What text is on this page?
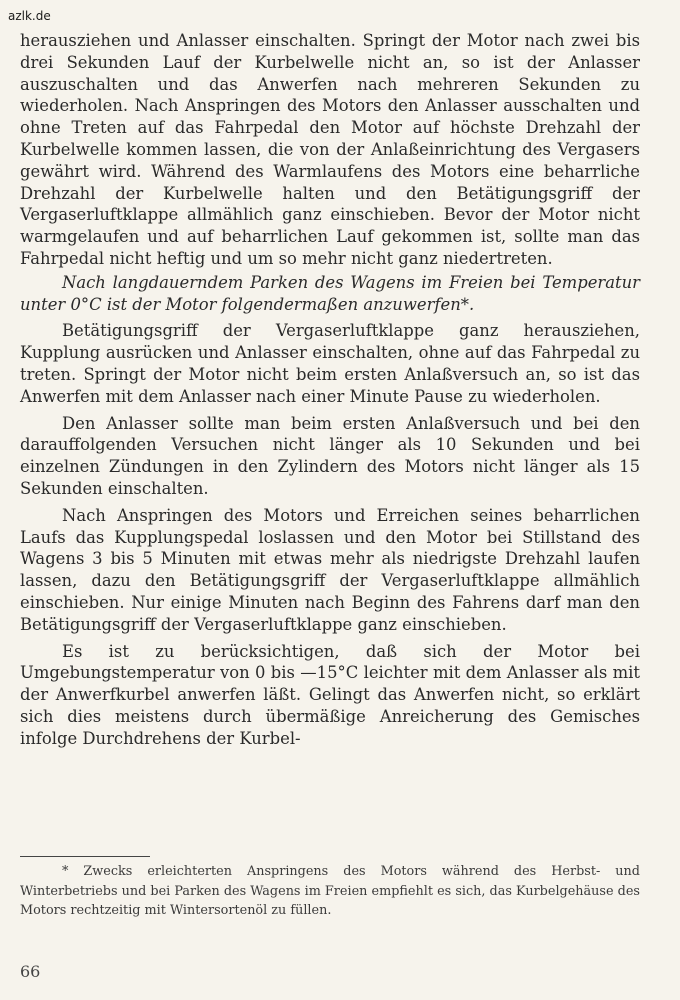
azlk.de

herausziehen und Anlasser einschalten. Springt der Motor nach zwei bis drei Sekunden Lauf der Kurbelwelle nicht an, so ist der Anlasser auszuschalten und das Anwerfen nach mehreren Sekunden zu wiederholen. Nach Anspringen des Motors den Anlasser ausschalten und ohne Treten auf das Fahrpedal den Motor auf höchste Drehzahl der Kurbelwelle kommen lassen, die von der Anlaßeinrichtung des Vergasers gewährt wird. Während des Warmlaufens des Motors eine beharrliche Drehzahl der Kurbelwelle halten und den Betätigungsgriff der Vergaserluftklappe allmählich ganz einschieben. Bevor der Motor nicht warmgelaufen und auf beharrlichen Lauf gekommen ist, sollte man das Fahrpedal nicht heftig und um so mehr nicht ganz niedertreten.

Nach langdauerndem Parken des Wagens im Freien bei Temperatur unter 0°C ist der Motor folgendermaßen anzuwerfen*.

Betätigungsgriff der Vergaserluftklappe ganz herausziehen, Kupplung ausrücken und Anlasser einschalten, ohne auf das Fahrpedal zu treten. Springt der Motor nicht beim ersten Anlaßversuch an, so ist das Anwerfen mit dem Anlasser nach einer Minute Pause zu wiederholen.

Den Anlasser sollte man beim ersten Anlaßversuch und bei den darauffolgenden Versuchen nicht länger als 10 Sekunden und bei einzelnen Zündungen in den Zylindern des Motors nicht länger als 15 Sekunden einschalten.

Nach Anspringen des Motors und Erreichen seines beharrlichen Laufs das Kupplungspedal loslassen und den Motor bei Stillstand des Wagens 3 bis 5 Minuten mit etwas mehr als niedrigste Drehzahl laufen lassen, dazu den Betätigungsgriff der Vergaserluftklappe allmählich einschieben. Nur einige Minuten nach Beginn des Fahrens darf man den Betätigungsgriff der Vergaserluftklappe ganz einschieben.

Es ist zu berücksichtigen, daß sich der Motor bei Umgebungstemperatur von 0 bis —15°C leichter mit dem Anlasser als mit der Anwerfkurbel anwerfen läßt. Gelingt das Anwerfen nicht, so erklärt sich dies meistens durch übermäßige Anreicherung des Gemisches infolge Durchdrehens der Kurbel-

* Zwecks erleichterten Anspringens des Motors während des Herbst- und Winterbetriebs und bei Parken des Wagens im Freien empfiehlt es sich, das Kurbelgehäuse des Motors rechtzeitig mit Wintersortenöl zu füllen.
66
